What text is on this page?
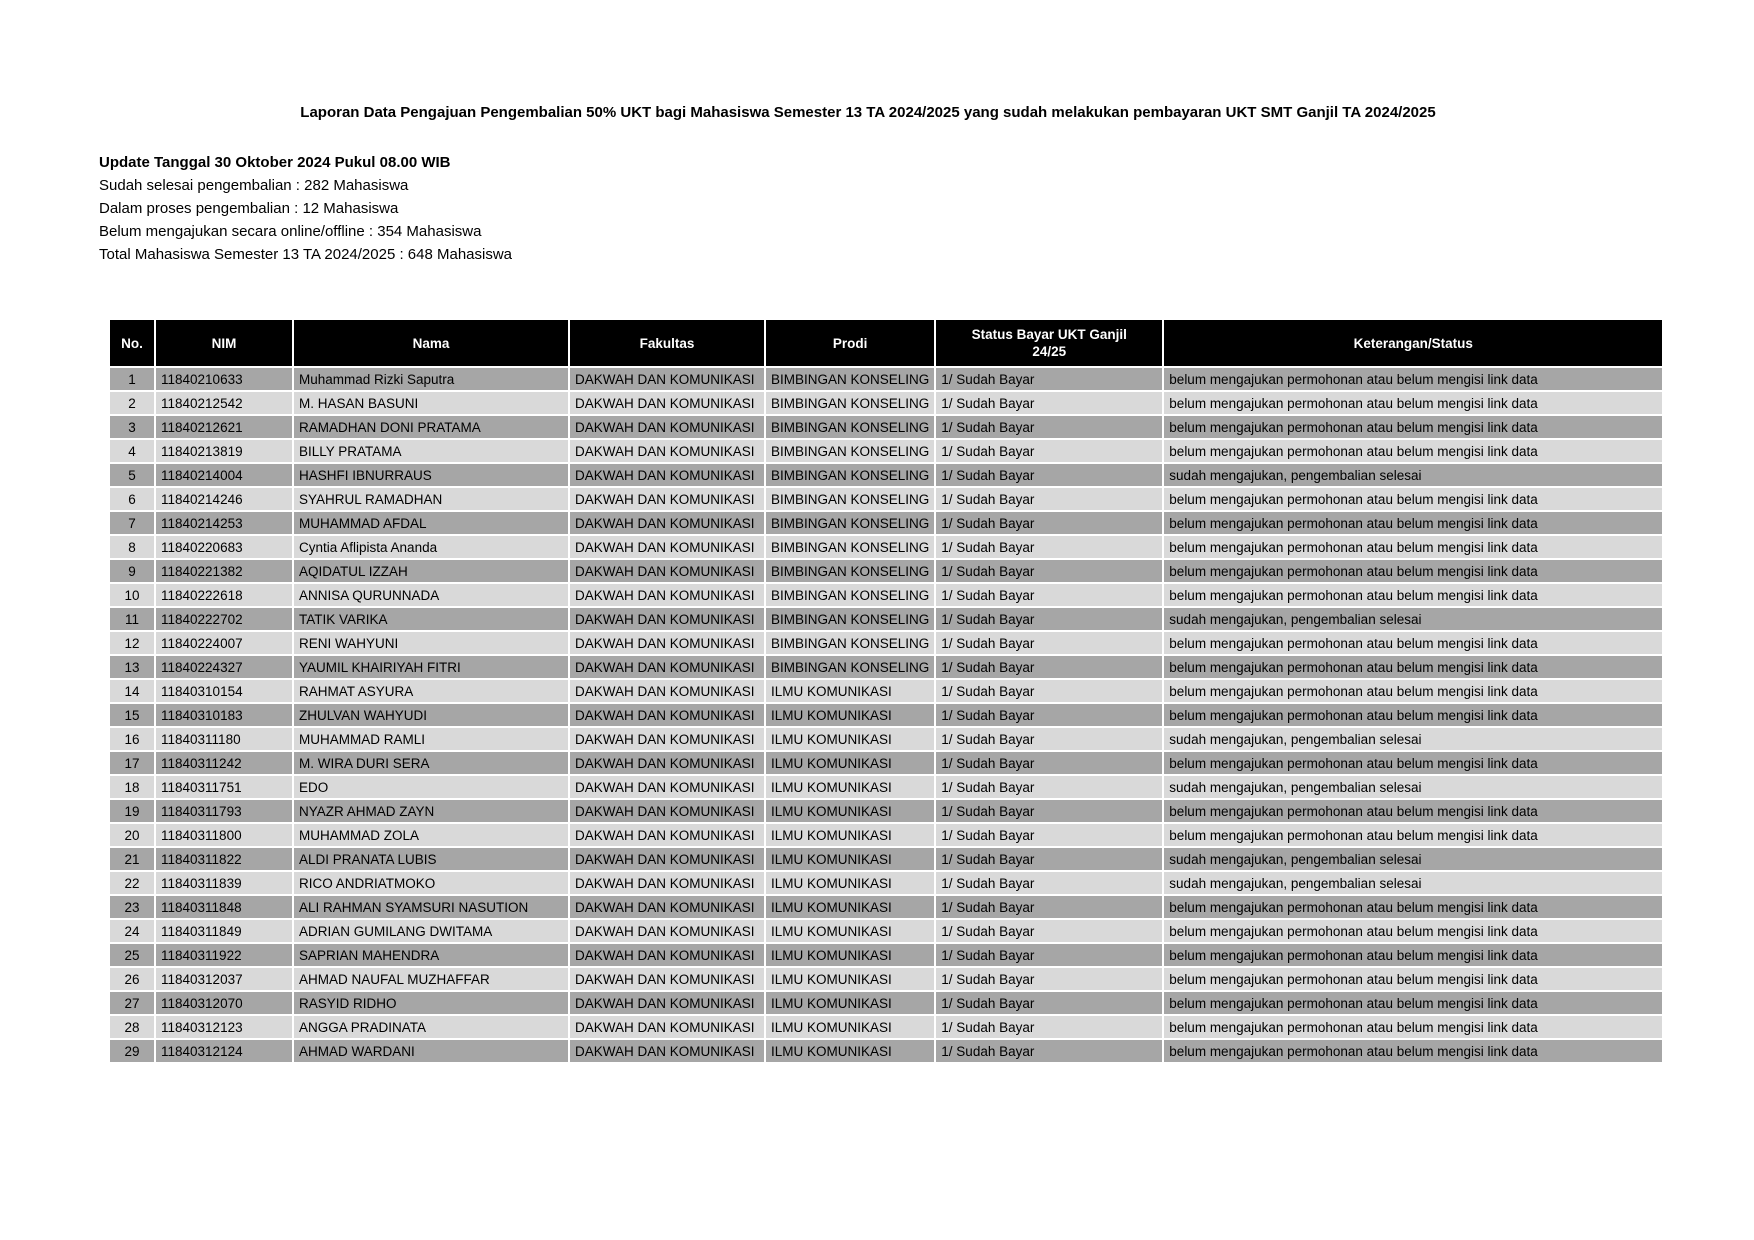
Laporan Data Pengajuan Pengembalian 50% UKT bagi Mahasiswa Semester 13 TA 2024/2025 yang sudah melakukan pembayaran UKT SMT Ganjil TA 2024/2025
Update Tanggal 30 Oktober 2024 Pukul 08.00 WIB
Sudah selesai pengembalian : 282 Mahasiswa
Dalam proses pengembalian : 12 Mahasiswa
Belum mengajukan secara online/offline : 354 Mahasiswa
Total Mahasiswa Semester 13 TA 2024/2025 : 648 Mahasiswa
No.	NIM	Nama	Fakultas	Prodi	Status Bayar UKT Ganjil 24/25	Keterangan/Status
1	11840210633	Muhammad Rizki Saputra	DAKWAH DAN KOMUNIKASI	BIMBINGAN KONSELING	1/ Sudah Bayar	belum mengajukan permohonan atau belum mengisi link data
2	11840212542	M. HASAN BASUNI	DAKWAH DAN KOMUNIKASI	BIMBINGAN KONSELING	1/ Sudah Bayar	belum mengajukan permohonan atau belum mengisi link data
3	11840212621	RAMADHAN DONI PRATAMA	DAKWAH DAN KOMUNIKASI	BIMBINGAN KONSELING	1/ Sudah Bayar	belum mengajukan permohonan atau belum mengisi link data
4	11840213819	BILLY PRATAMA	DAKWAH DAN KOMUNIKASI	BIMBINGAN KONSELING	1/ Sudah Bayar	belum mengajukan permohonan atau belum mengisi link data
5	11840214004	HASHFI IBNURRAUS	DAKWAH DAN KOMUNIKASI	BIMBINGAN KONSELING	1/ Sudah Bayar	sudah mengajukan, pengembalian selesai
6	11840214246	SYAHRUL RAMADHAN	DAKWAH DAN KOMUNIKASI	BIMBINGAN KONSELING	1/ Sudah Bayar	belum mengajukan permohonan atau belum mengisi link data
7	11840214253	MUHAMMAD AFDAL	DAKWAH DAN KOMUNIKASI	BIMBINGAN KONSELING	1/ Sudah Bayar	belum mengajukan permohonan atau belum mengisi link data
8	11840220683	Cyntia Aflipista Ananda	DAKWAH DAN KOMUNIKASI	BIMBINGAN KONSELING	1/ Sudah Bayar	belum mengajukan permohonan atau belum mengisi link data
9	11840221382	AQIDATUL IZZAH	DAKWAH DAN KOMUNIKASI	BIMBINGAN KONSELING	1/ Sudah Bayar	belum mengajukan permohonan atau belum mengisi link data
10	11840222618	ANNISA QURUNNADA	DAKWAH DAN KOMUNIKASI	BIMBINGAN KONSELING	1/ Sudah Bayar	belum mengajukan permohonan atau belum mengisi link data
11	11840222702	TATIK VARIKA	DAKWAH DAN KOMUNIKASI	BIMBINGAN KONSELING	1/ Sudah Bayar	sudah mengajukan, pengembalian selesai
12	11840224007	RENI WAHYUNI	DAKWAH DAN KOMUNIKASI	BIMBINGAN KONSELING	1/ Sudah Bayar	belum mengajukan permohonan atau belum mengisi link data
13	11840224327	YAUMIL KHAIRIYAH FITRI	DAKWAH DAN KOMUNIKASI	BIMBINGAN KONSELING	1/ Sudah Bayar	belum mengajukan permohonan atau belum mengisi link data
14	11840310154	RAHMAT ASYURA	DAKWAH DAN KOMUNIKASI	ILMU KOMUNIKASI	1/ Sudah Bayar	belum mengajukan permohonan atau belum mengisi link data
15	11840310183	ZHULVAN WAHYUDI	DAKWAH DAN KOMUNIKASI	ILMU KOMUNIKASI	1/ Sudah Bayar	belum mengajukan permohonan atau belum mengisi link data
16	11840311180	MUHAMMAD RAMLI	DAKWAH DAN KOMUNIKASI	ILMU KOMUNIKASI	1/ Sudah Bayar	sudah mengajukan, pengembalian selesai
17	11840311242	M. WIRA DURI SERA	DAKWAH DAN KOMUNIKASI	ILMU KOMUNIKASI	1/ Sudah Bayar	belum mengajukan permohonan atau belum mengisi link data
18	11840311751	EDO	DAKWAH DAN KOMUNIKASI	ILMU KOMUNIKASI	1/ Sudah Bayar	sudah mengajukan, pengembalian selesai
19	11840311793	NYAZR AHMAD ZAYN	DAKWAH DAN KOMUNIKASI	ILMU KOMUNIKASI	1/ Sudah Bayar	belum mengajukan permohonan atau belum mengisi link data
20	11840311800	MUHAMMAD ZOLA	DAKWAH DAN KOMUNIKASI	ILMU KOMUNIKASI	1/ Sudah Bayar	belum mengajukan permohonan atau belum mengisi link data
21	11840311822	ALDI PRANATA LUBIS	DAKWAH DAN KOMUNIKASI	ILMU KOMUNIKASI	1/ Sudah Bayar	sudah mengajukan, pengembalian selesai
22	11840311839	RICO ANDRIATMOKO	DAKWAH DAN KOMUNIKASI	ILMU KOMUNIKASI	1/ Sudah Bayar	sudah mengajukan, pengembalian selesai
23	11840311848	ALI RAHMAN SYAMSURI NASUTION	DAKWAH DAN KOMUNIKASI	ILMU KOMUNIKASI	1/ Sudah Bayar	belum mengajukan permohonan atau belum mengisi link data
24	11840311849	ADRIAN GUMILANG DWITAMA	DAKWAH DAN KOMUNIKASI	ILMU KOMUNIKASI	1/ Sudah Bayar	belum mengajukan permohonan atau belum mengisi link data
25	11840311922	SAPRIAN MAHENDRA	DAKWAH DAN KOMUNIKASI	ILMU KOMUNIKASI	1/ Sudah Bayar	belum mengajukan permohonan atau belum mengisi link data
26	11840312037	AHMAD NAUFAL MUZHAFFAR	DAKWAH DAN KOMUNIKASI	ILMU KOMUNIKASI	1/ Sudah Bayar	belum mengajukan permohonan atau belum mengisi link data
27	11840312070	RASYID RIDHO	DAKWAH DAN KOMUNIKASI	ILMU KOMUNIKASI	1/ Sudah Bayar	belum mengajukan permohonan atau belum mengisi link data
28	11840312123	ANGGA PRADINATA	DAKWAH DAN KOMUNIKASI	ILMU KOMUNIKASI	1/ Sudah Bayar	belum mengajukan permohonan atau belum mengisi link data
29	11840312124	AHMAD WARDANI	DAKWAH DAN KOMUNIKASI	ILMU KOMUNIKASI	1/ Sudah Bayar	belum mengajukan permohonan atau belum mengisi link data
